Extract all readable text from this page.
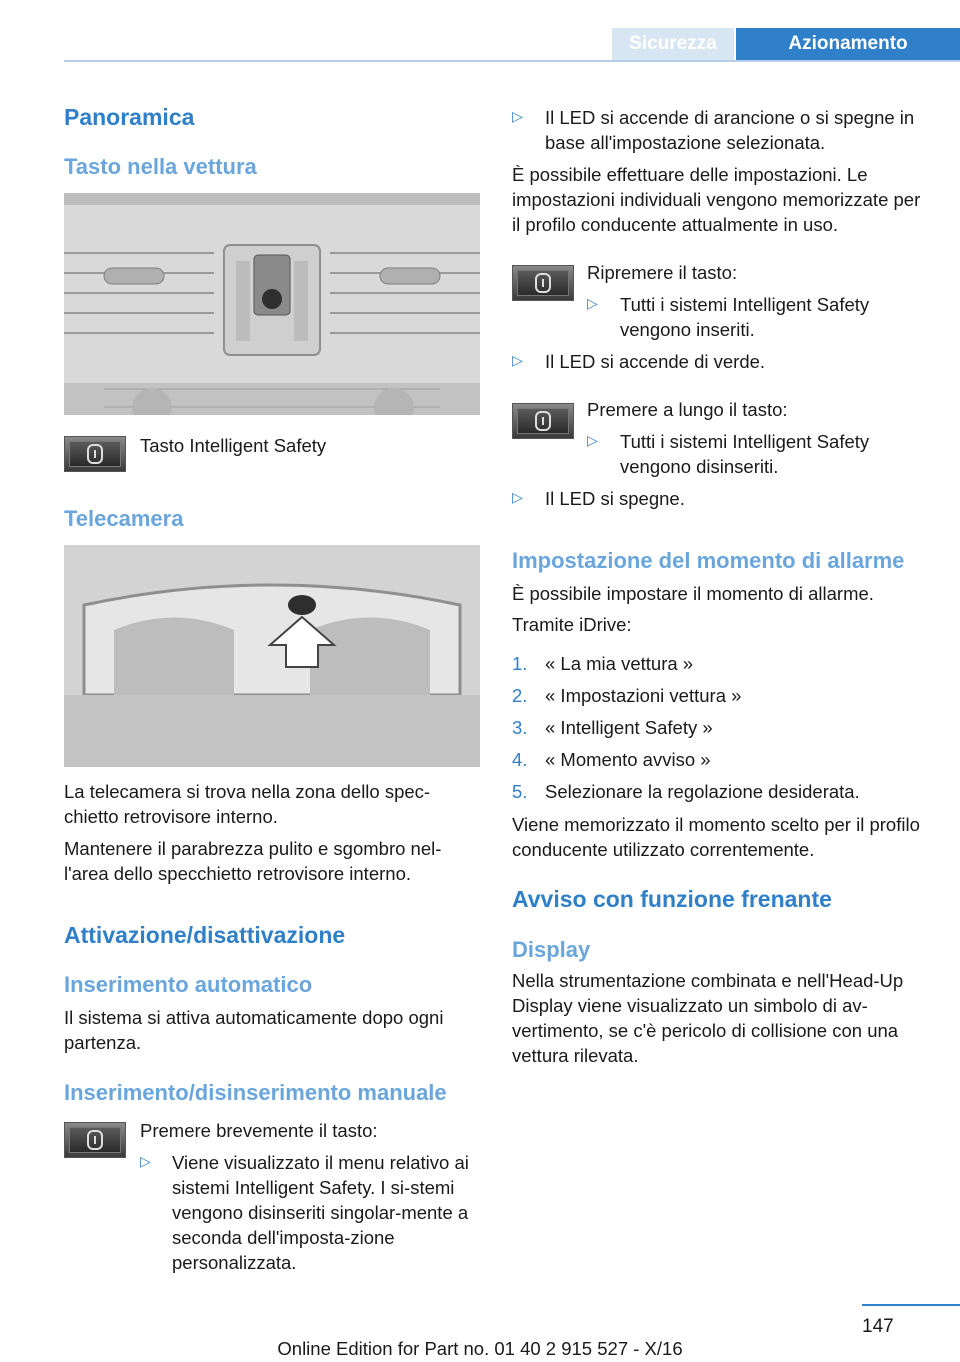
Sicurezza	Azionamento
Panoramica
Tasto nella vettura
Tasto Intelligent Safety
Telecamera
La telecamera si trova nella zona dello spec-chietto retrovisore interno.
Mantenere il parabrezza pulito e sgombro nel-l'area dello specchietto retrovisore interno.
Attivazione/disattivazione
Inserimento automatico
Il sistema si attiva automaticamente dopo ogni partenza.
Inserimento/disinserimento manuale
Premere brevemente il tasto:
▷ Viene visualizzato il menu relativo ai sistemi Intelligent Safety. I si-stemi vengono disinseriti singolar-mente a seconda dell'imposta-zione personalizzata.
▷ Il LED si accende di arancione o si spegne in base all'impostazione selezionata.
È possibile effettuare delle impostazioni. Le impostazioni individuali vengono memorizzate per il profilo conducente attualmente in uso.
Ripremere il tasto:
▷ Tutti i sistemi Intelligent Safety vengono inseriti.
▷ Il LED si accende di verde.
Premere a lungo il tasto:
▷ Tutti i sistemi Intelligent Safety vengono disinseriti.
▷ Il LED si spegne.
Impostazione del momento di allarme
È possibile impostare il momento di allarme.
Tramite iDrive:
1. « La mia vettura »
2. « Impostazioni vettura »
3. « Intelligent Safety »
4. « Momento avviso »
5. Selezionare la regolazione desiderata.
Viene memorizzato il momento scelto per il profilo conducente utilizzato correntemente.
Avviso con funzione frenante
Display
Nella strumentazione combinata e nell'Head-Up Display viene visualizzato un simbolo di av-vertimento, se c'è pericolo di collisione con una vettura rilevata.
147
Online Edition for Part no. 01 40 2 915 527 - X/16
